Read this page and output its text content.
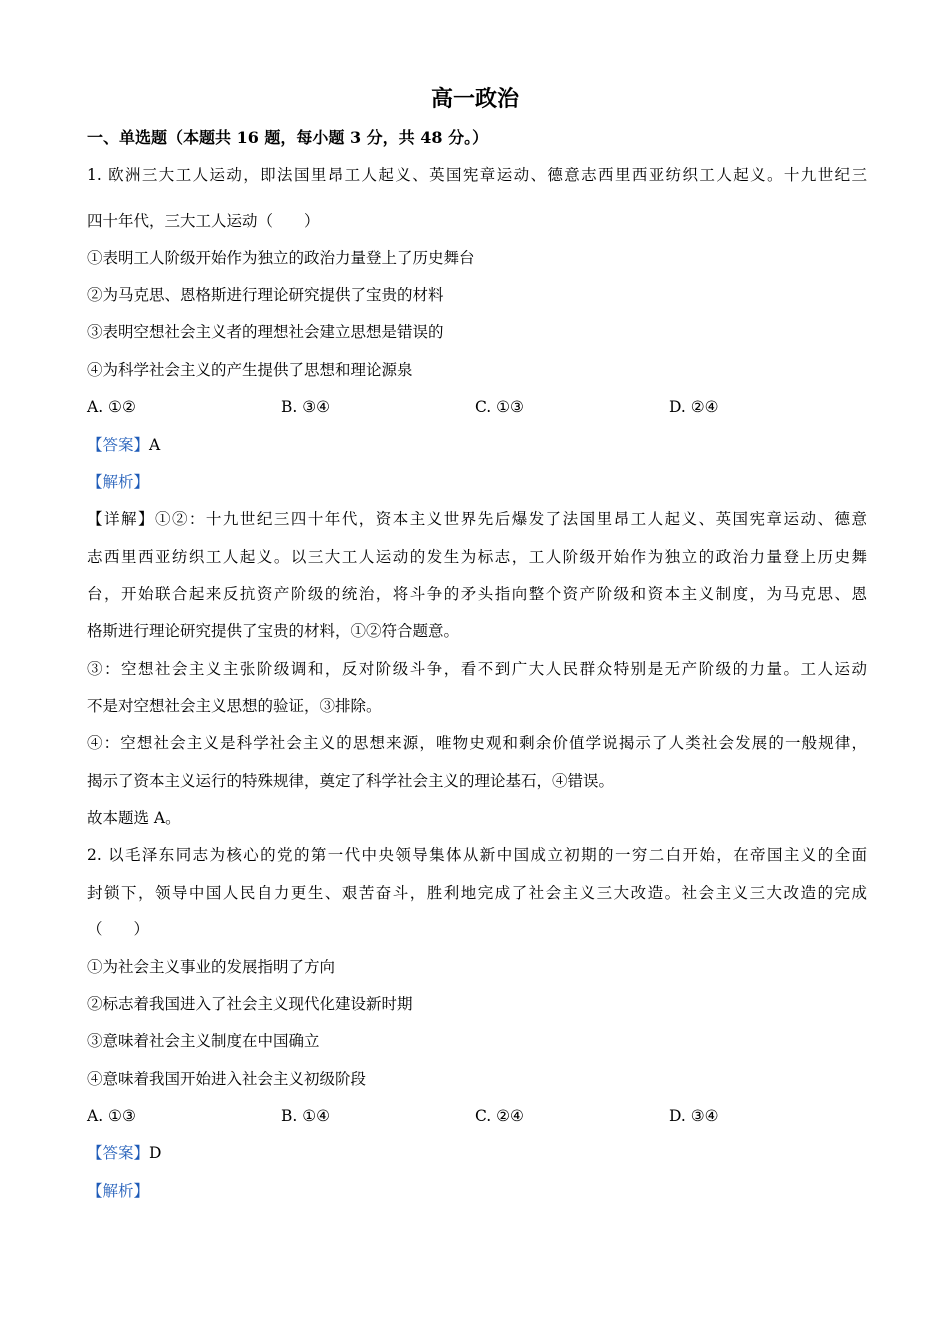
高一政治
一、单选题（本题共 16 题，每小题 3 分，共 48 分。）
1. 欧洲三大工人运动，即法国里昂工人起义、英国宪章运动、德意志西里西亚纺织工人起义。十九世纪三
四十年代，三大工人运动（　　）
①表明工人阶级开始作为独立的政治力量登上了历史舞台
②为马克思、恩格斯进行理论研究提供了宝贵的材料
③表明空想社会主义者的理想社会建立思想是错误的
④为科学社会主义的产生提供了思想和理论源泉
A. ①②	B. ③④	C. ①③	D. ②④
【答案】A
【解析】
【详解】①②：十九世纪三四十年代，资本主义世界先后爆发了法国里昂工人起义、英国宪章运动、德意
志西里西亚纺织工人起义。以三大工人运动的发生为标志，工人阶级开始作为独立的政治力量登上历史舞
台，开始联合起来反抗资产阶级的统治，将斗争的矛头指向整个资产阶级和资本主义制度，为马克思、恩
格斯进行理论研究提供了宝贵的材料，①②符合题意。
③：空想社会主义主张阶级调和，反对阶级斗争，看不到广大人民群众特别是无产阶级的力量。工人运动
不是对空想社会主义思想的验证，③排除。
④：空想社会主义是科学社会主义的思想来源，唯物史观和剩余价值学说揭示了人类社会发展的一般规律，
揭示了资本主义运行的特殊规律，奠定了科学社会主义的理论基石，④错误。
故本题选 A。
2. 以毛泽东同志为核心的党的第一代中央领导集体从新中国成立初期的一穷二白开始，在帝国主义的全面
封锁下，领导中国人民自力更生、艰苦奋斗，胜利地完成了社会主义三大改造。社会主义三大改造的完成
（　　）
①为社会主义事业的发展指明了方向
②标志着我国进入了社会主义现代化建设新时期
③意味着社会主义制度在中国确立
④意味着我国开始进入社会主义初级阶段
A. ①③	B. ①④	C. ②④	D. ③④
【答案】D
【解析】
